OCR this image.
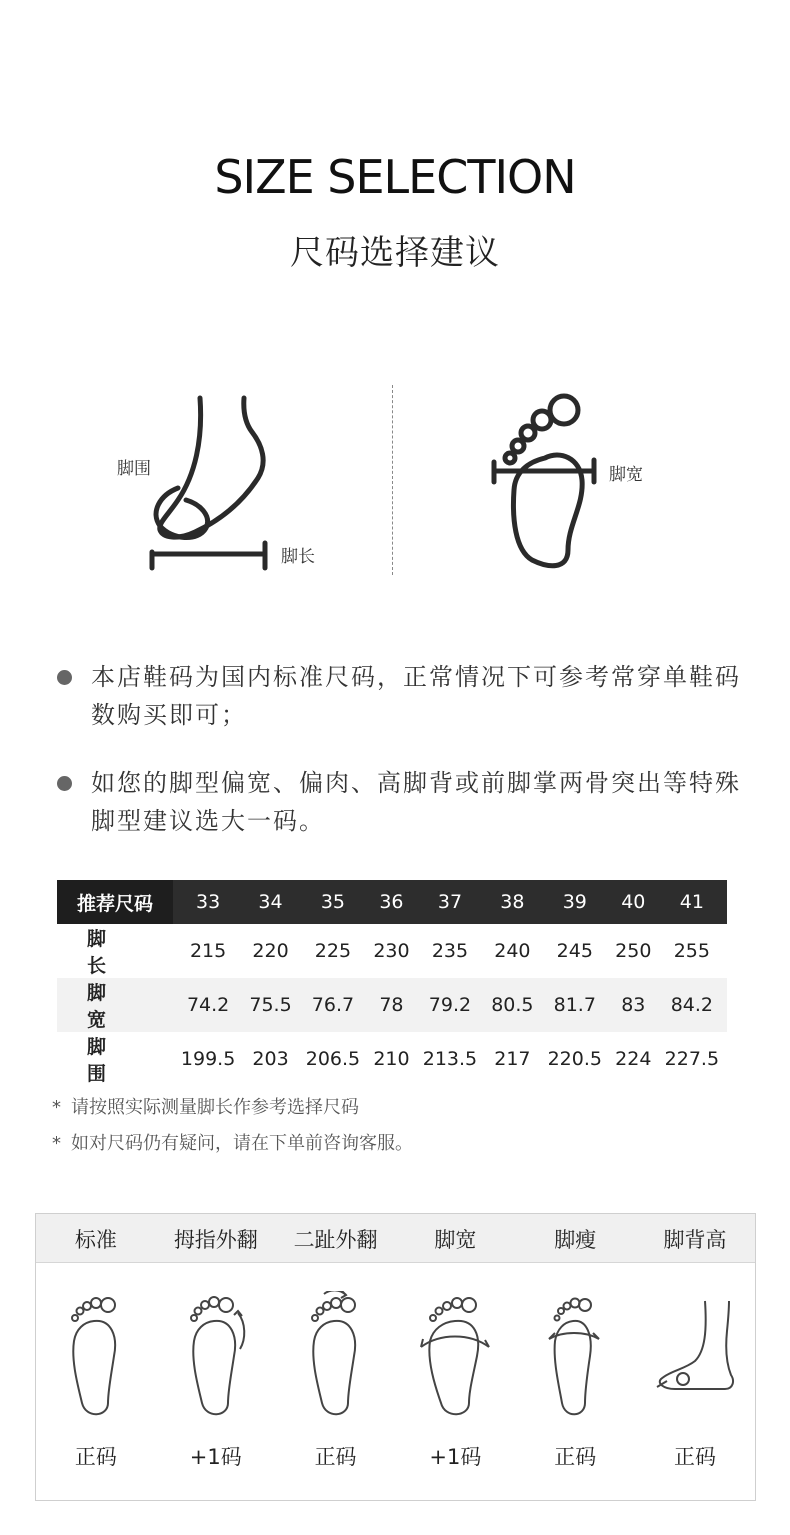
SIZE SELECTION
尺码选择建议
脚围
脚长
脚宽
本店鞋码为国内标准尺码，正常情况下可参考常穿单鞋码数购买即可；
如您的脚型偏宽、偏肉、高脚背或前脚掌两骨突出等特殊脚型建议选大一码。
推荐尺码	33	34	35	36	37	38	39	40	41
脚长	215	220	225	230	235	240	245	250	255
脚宽	74.2	75.5	76.7	78	79.2	80.5	81.7	83	84.2
脚围	199.5	203	206.5	210	213.5	217	220.5	224	227.5
* 请按照实际测量脚长作参考选择尺码
* 如对尺码仍有疑问，请在下单前咨询客服。
标准	拇指外翻	二趾外翻	脚宽	脚瘦	脚背高
正码	+1码	正码	+1码	正码	正码
